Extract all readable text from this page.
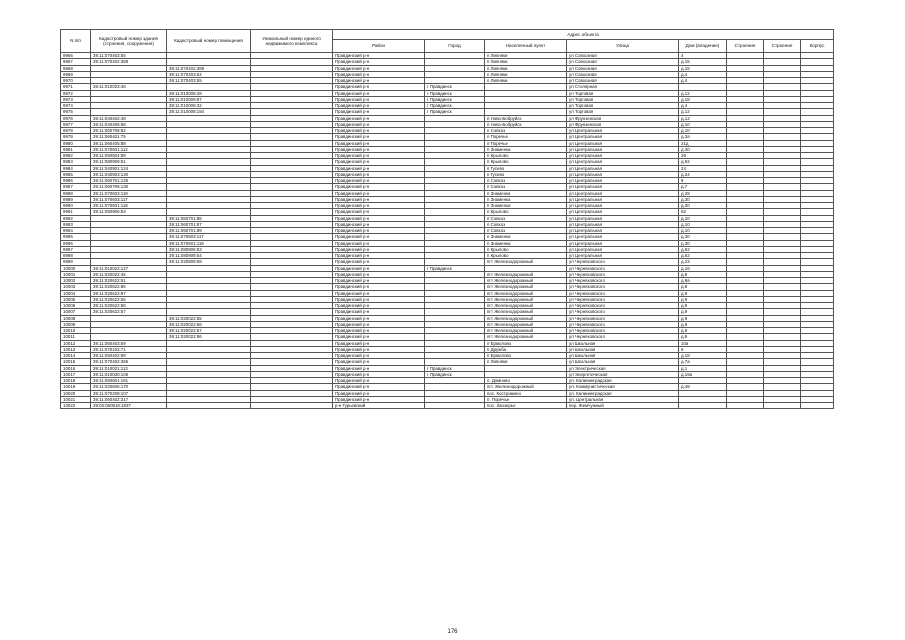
N п/п	Кадастровый номер здания (строения, сооружения)	Кадастровый номер помещения	Уникальный номер единого недвижимого комплекса	Адрес объекта							
				Район	Город	Населенный пункт	Улица	Дом (владение)	Строение	Строение	Корпус
9966	39:11:070403:55			Правдинский р-н		п Липняки	ул Совхозная	4			
9967	39:11:070402:369			Правдинский р-н		п Липняки	ул Совхозная	д.15			
9968		39:11:070402:369		Правдинский р-н		п Липняки	ул Совхозная	д.15			
9969		39:11:070403:54		Правдинский р-н		п Липняки	ул Совхозная	д.4			
9970		39:11:070403:55		Правдинский р-н		п Липняки	ул Совхозная	д.4			
9971	39:11:010023:46			Правдинский р-н	г Правдинск		ул Столярная				
9972		39:11:010008:28		Правдинский р-н	г Правдинск		ул Торговая	д.12			
9973		39:11:010009:87		Правдинский р-н	г Правдинск		ул Торговая	д.18			
9974		39:11:010008:32		Правдинский р-н	г Правдинск		ул Торговая	д.4			
9975		39:11:010008:194		Правдинский р-н	г Правдинск		ул Торговая	д.12			
9976	39:11:040402:48			Правдинский р-н		п Ново-Бобруйск	ул Фрунзенская	д.12			
9977	39:11:040405:68			Правдинский р-н		п Ново-Бобруйск	ул Фрунзенская	д.10			
9978	39:11:060708:82			Правдинский р-н		п Совхоз	ул Центральная	д.10			
9979	39:11:060401:75			Правдинский р-н		п Поречье	ул Центральная	д.3а			
9980	39:11:060405:88			Правдинский р-н		п Поречье	ул Центральная	21д			
9981	39:11:070601:112			Правдинский р-н		п Знаменка	ул Центральная	д.30			
9982	39:11:080504:89			Правдинский р-н		п Крылово	ул Центральная	29			
9983	39:11:080909:51			Правдинский р-н		п Крылово	ул Центральная	д.62			
9984	39:11:040901:124			Правдинский р-н		п Гусево	ул Центральная	24			
9985	39:11:040903:130			Правдинский р-н		п Гусево	ул Центральная	д.24			
9986	39:11:060701:126			Правдинский р-н		п Совхоз	ул Центральная	9			
9987	39:11:060706:130			Правдинский р-н		п Совхоз	ул Центральная	д.7			
9988	39:11:070603:118			Правдинский р-н		п Знаменка	ул Центральная	д.28			
9989	39:11:070603:117			Правдинский р-н		п Знаменка	ул Центральная	д.30			
9990	39:11:070601:118			Правдинский р-н		п Знаменка	ул Центральная	д.30			
9991	39:11:080906:53			Правдинский р-н		п Крылово	ул Центральная	62			
9992		39:11:060701:86		Правдинский р-н		п Совхоз	ул Центральная	д.10			
9993		39:11:060701:87		Правдинский р-н		п Совхоз	ул Центральная	д.10			
9994		39:11:060701:89		Правдинский р-н		п Совхоз	ул Центральная	д.10			
9995		39:11:070603:117		Правдинский р-н		п Знаменка	ул Центральная	д.30			
9996		39:11:070601:118		Правдинский р-н		п Знаменка	ул Центральная	д.30			
9997		39:11:080906:53		Правдинский р-н		п Крылово	ул Центральная	д.62			
9998		39:11:080909:54		Правдинский р-н		п Крылово	ул Центральная	д.62			
9999		39:11:020809:58		Правдинский р-н		пгт Железнодорожный	ул Черняховского	д.23			
10000	39:11:010022:127			Правдинский р-н	г Правдинск		ул Черняховского	д.16			
10001	39:11:020022:45			Правдинский р-н		пгт Железнодорожный	ул Черняховского	д.9			
10002	39:11:020622:61			Правдинский р-н		пгт Железнодорожный	ул Черняховского	д.9а			
10003	39:11:020622:86			Правдинский р-н		пгт Железнодорожный	ул Черняховского	д.9			
10004	39:11:020622:87			Правдинский р-н		пгт Железнодорожный	ул Черняховского	д.9			
10005	39:11:020622:55			Правдинский р-н		пгт Железнодорожный	ул Черняховского	д.9			
10006	39:11:020622:56			Правдинский р-н		пгт Железнодорожный	ул Черняховского	д.9			
10007	39:11:020622:57			Правдинский р-н		пгт Железнодорожный	ул Черняховского	д.9			
10008		39:11:020022:55		Правдинский р-н		пгт Железнодорожный	ул Черняховского	д.9			
10009		39:11:020022:56		Правдинский р-н		пгт Железнодорожный	ул Черняховского	д.9			
10010		39:11:020022:57		Правдинский р-н		пгт Железнодорожный	ул Черняховского	д.9			
10011		39:11:020022:86		Правдинский р-н		пгт Железнодорожный	ул Черняховского	д.9			
10012	39:11:050403:69			Правдинский р-н		п Ермолово	ул Школьная	10а			
10013	39:11:070102:71			Правдинский р-н		п Дружба	ул Школьная	6			
10014	39:11:050402:99			Правдинский р-н		п Ермолово	ул Школьная	д.18			
10015	39:11:070402:365			Правдинский р-н		п Липняки	ул Школьная	д.7а			
10016	39:11:010021:113			Правдинский р-н	г Правдинск		ул Электрическая	д.1			
10017	39:11:010030:108			Правдинский р-н	г Правдинск		ул Энергетическая	д.19а			
10018	39:11:050601:161			Правдинский р-н		п. Домново	ул. Калининградская				
10019	39:11:020606:170			Правдинский р-н		пгт. Железнодорожный	ул. Коммунистическая	д.49			
10020	39:11:070208:107			Правдинский р-н		пос. Костромино	ул. Калининградская				
10021	39:11:060402:317			Правдинский р-н		п. Поречье	ул. Центральная				
10022	39:03:060818:1837			р-н Гурьевский		пос. Заозерье	пер. Жемчужный				
176
